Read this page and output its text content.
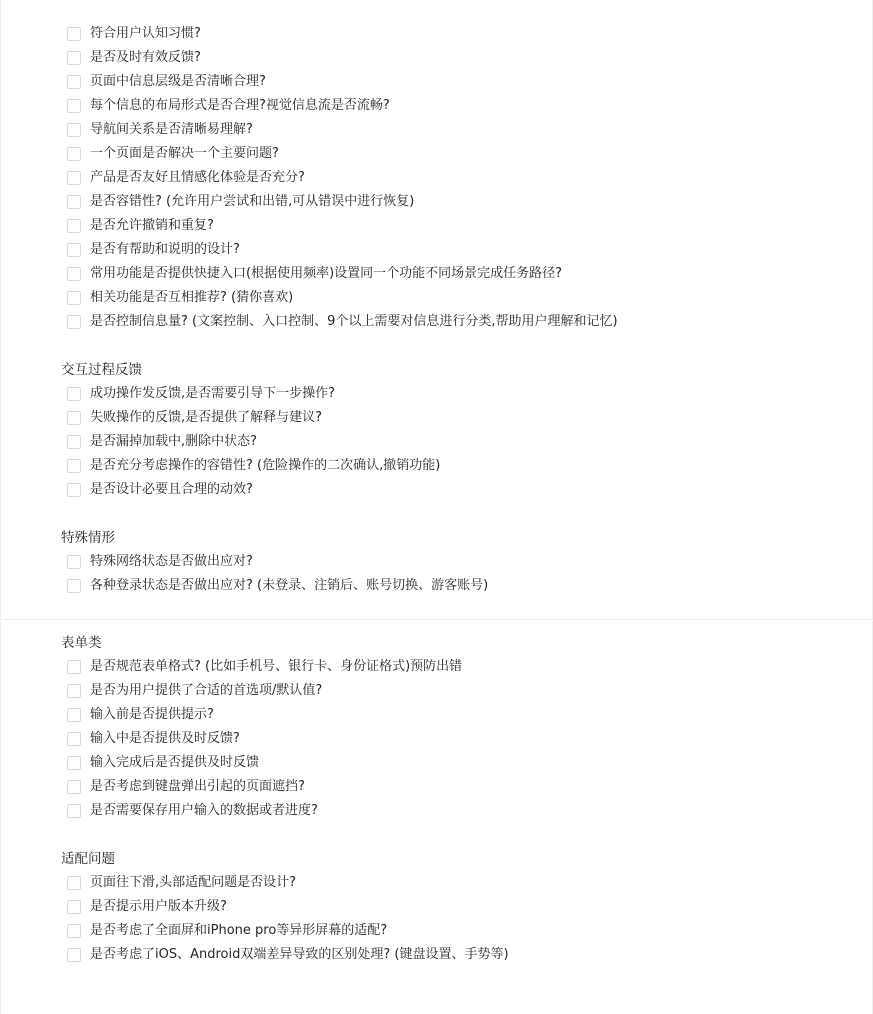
符合用户认知习惯?
是否及时有效反馈?
页面中信息层级是否清晰合理?
每个信息的布局形式是否合理?视觉信息流是否流畅?
导航间关系是否清晰易理解?
一个页面是否解决一个主要问题?
产品是否友好且情感化体验是否充分?
是否容错性? (允许用户尝试和出错,可从错误中进行恢复)
是否允许撤销和重复?
是否有帮助和说明的设计?
常用功能是否提供快捷入口(根据使用频率)设置同一个功能不同场景完成任务路径?
相关功能是否互相推荐? (猜你喜欢)
是否控制信息量? (文案控制、入口控制、9个以上需要对信息进行分类,帮助用户理解和记忆)
交互过程反馈
成功操作发反馈,是否需要引导下一步操作?
失败操作的反馈,是否提供了解释与建议?
是否漏掉加载中,删除中状态?
是否充分考虑操作的容错性? (危险操作的二次确认,撤销功能)
是否设计必要且合理的动效?
特殊情形
特殊网络状态是否做出应对?
各种登录状态是否做出应对? (未登录、注销后、账号切换、游客账号)
表单类
是否规范表单格式? (比如手机号、银行卡、身份证格式)预防出错
是否为用户提供了合适的首选项/默认值?
输入前是否提供提示?
输入中是否提供及时反馈?
输入完成后是否提供及时反馈
是否考虑到键盘弹出引起的页面遮挡?
是否需要保存用户输入的数据或者进度?
适配问题
页面往下滑,头部适配问题是否设计?
是否提示用户版本升级?
是否考虑了全面屏和iPhone pro等异形屏幕的适配?
是否考虑了iOS、Android双端差异导致的区别处理? (键盘设置、手势等)
